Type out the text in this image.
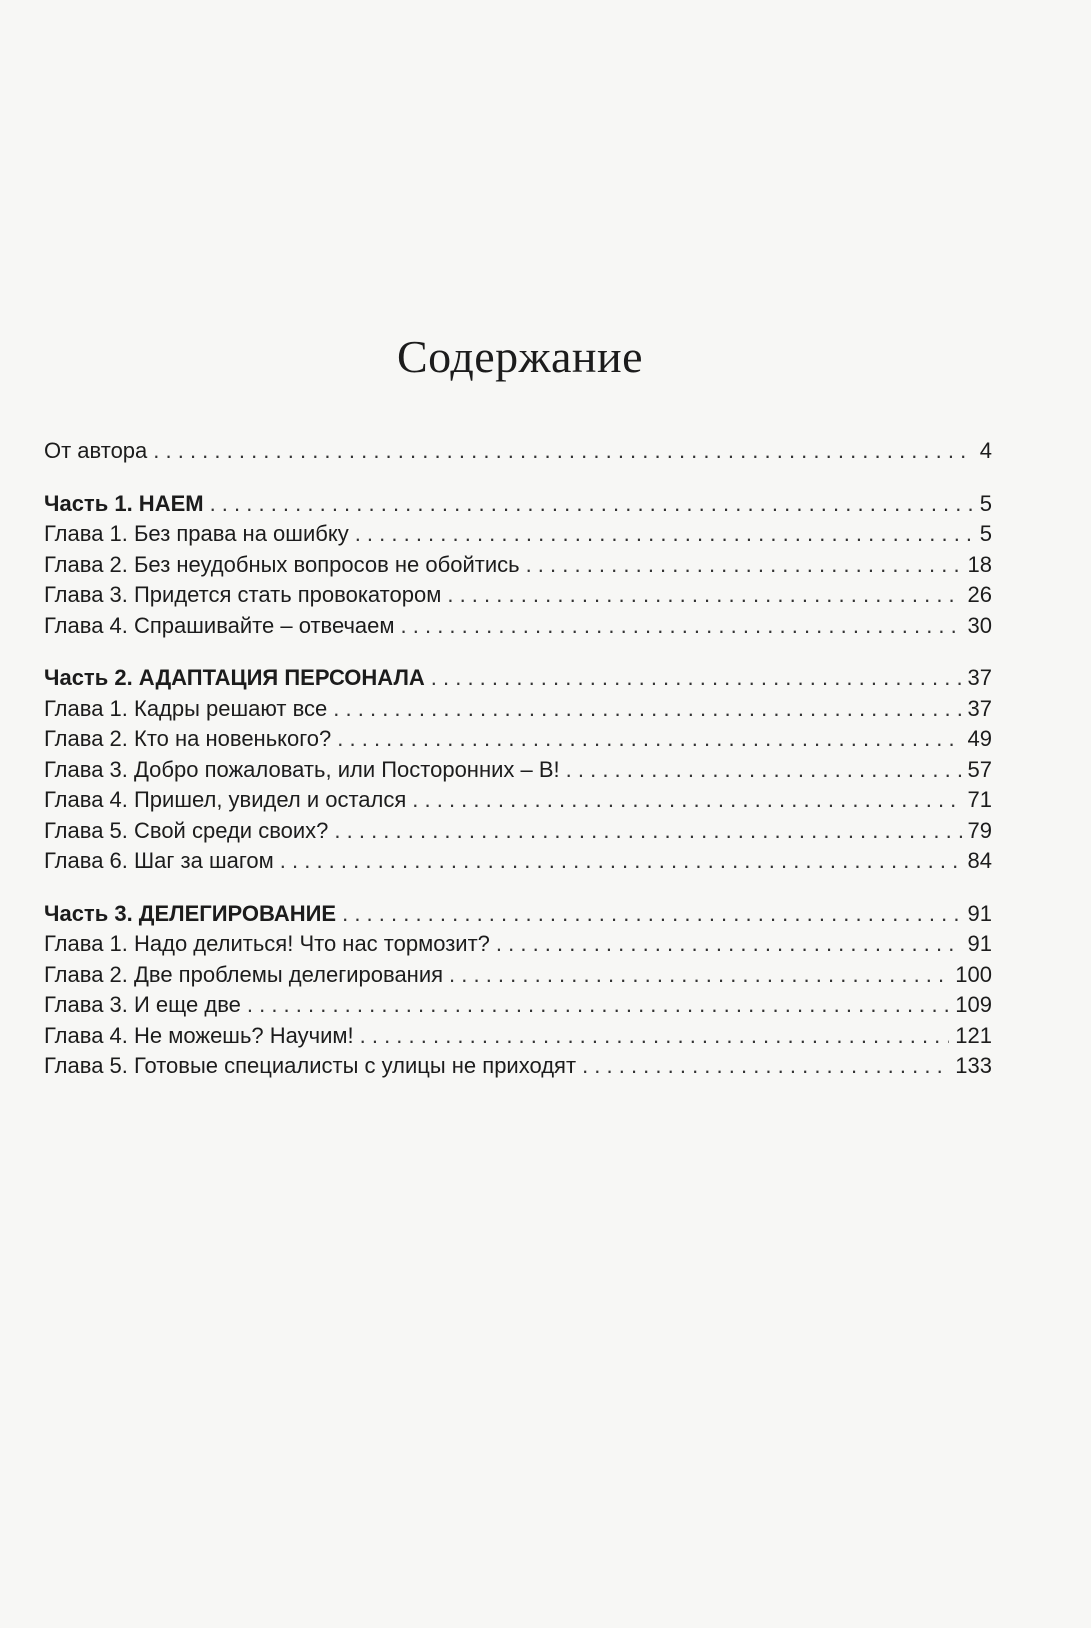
Содержание
От автора . . .	4
Часть 1. НАЕМ . . .	5
Глава 1. Без права на ошибку . . .	5
Глава 2. Без неудобных вопросов не обойтись . . .	18
Глава 3. Придется стать провокатором . . .	26
Глава 4. Спрашивайте – отвечаем . . .	30
Часть 2. АДАПТАЦИЯ ПЕРСОНАЛА . . .	37
Глава 1. Кадры решают все . . .	37
Глава 2. Кто на новенького? . . .	49
Глава 3. Добро пожаловать, или Посторонних – В! . . .	57
Глава 4. Пришел, увидел и остался . . .	71
Глава 5. Свой среди своих? . . .	79
Глава 6. Шаг за шагом . . .	84
Часть 3. ДЕЛЕГИРОВАНИЕ . . .	91
Глава 1. Надо делиться! Что нас тормозит? . . .	91
Глава 2. Две проблемы делегирования . . .	100
Глава 3. И еще две . . .	109
Глава 4. Не можешь? Научим! . . .	121
Глава 5. Готовые специалисты с улицы не приходят . . .	133
